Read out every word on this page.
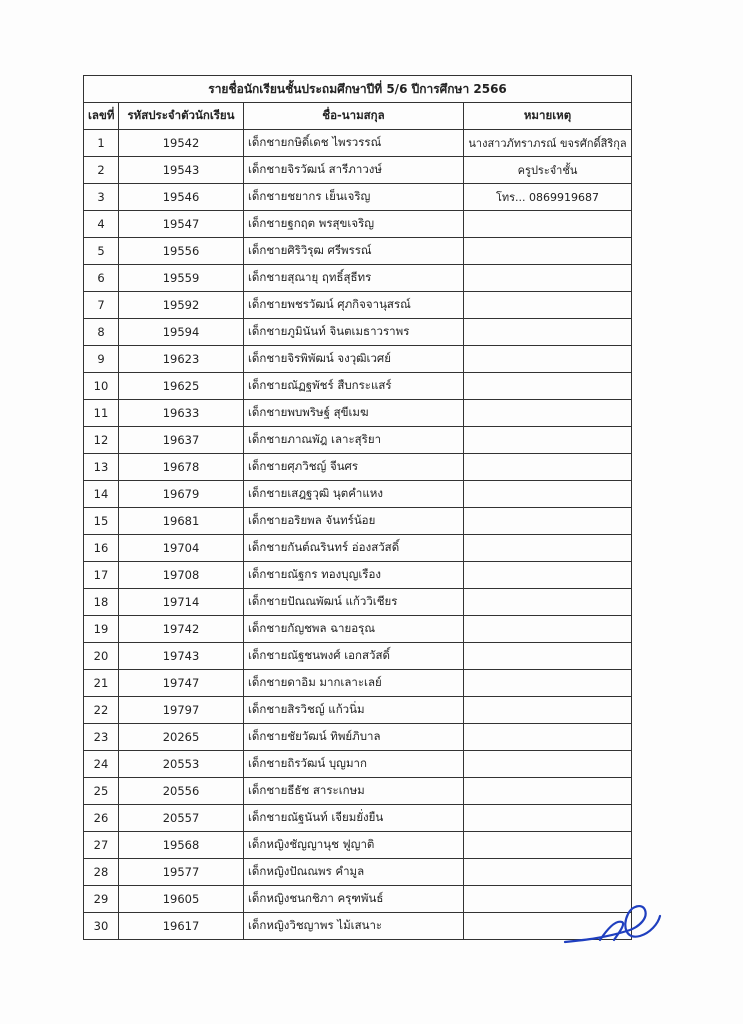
รายชื่อนักเรียนชั้นประถมศึกษาปีที่ 5/6 ปีการศึกษา 2566			
เลขที่	รหัสประจำตัวนักเรียน	ชื่อ-นามสกุล	หมายเหตุ
1	19542	เด็กชายกษิดิ์เดช ไพรวรรณ์	นางสาวภัทราภรณ์ ขจรศักดิ์สิริกุล
2	19543	เด็กชายจิรวัฒน์ สารีภาวงษ์	ครูประจำชั้น
3	19546	เด็กชายชยากร เย็นเจริญ	โทร... 0869919687
4	19547	เด็กชายฐกฤต พรสุขเจริญ	
5	19556	เด็กชายศิริวิรุฒ ศรีพรรณ์	
6	19559	เด็กชายสุณายุ ฤทธิ์สุธีทร	
7	19592	เด็กชายพชรวัฒน์ ศุภกิจจานุสรณ์	
8	19594	เด็กชายภูมินันท์ จินตเมธาวราพร	
9	19623	เด็กชายจิรพิพัฒน์ จงวุฒิเวศย์	
10	19625	เด็กชายณัฏฐพัชร์ สืบกระแสร์	
11	19633	เด็กชายพบพริษฐ์ สุขีเมฆ	
12	19637	เด็กชายภาณพัฎ เลาะสุริยา	
13	19678	เด็กชายศุภวิชญ์ จีนศร	
14	19679	เด็กชายเสฎฐวุฒิ นุตคำแหง	
15	19681	เด็กชายอริยพล จันทร์น้อย	
16	19704	เด็กชายกันต์ณรินทร์ อ่องสวัสดิ์	
17	19708	เด็กชายณัฐกร ทองบุญเรือง	
18	19714	เด็กชายปัณณพัฒน์ แก้ววิเชียร	
19	19742	เด็กชายกัญชพล ฉายอรุณ	
20	19743	เด็กชายณัฐชนพงศ์ เอกสวัสดิ์	
21	19747	เด็กชายดาอิม มากเลาะเลย์	
22	19797	เด็กชายสิรวิชญ์ แก้วนิ่ม	
23	20265	เด็กชายชัยวัฒน์ ทิพย์ภิบาล	
24	20553	เด็กชายถิรวัฒน์ บุญมาก	
25	20556	เด็กชายธีธัช สาระเกษม	
26	20557	เด็กชายณัฐนันท์ เจียมยั่งยืน	
27	19568	เด็กหญิงชัญญานุช ฟูญาติ	
28	19577	เด็กหญิงปัณณพร คำมูล	
29	19605	เด็กหญิงชนกชิภา ครุฑพันธ์	
30	19617	เด็กหญิงวิชญาพร ไม้เสนาะ	
